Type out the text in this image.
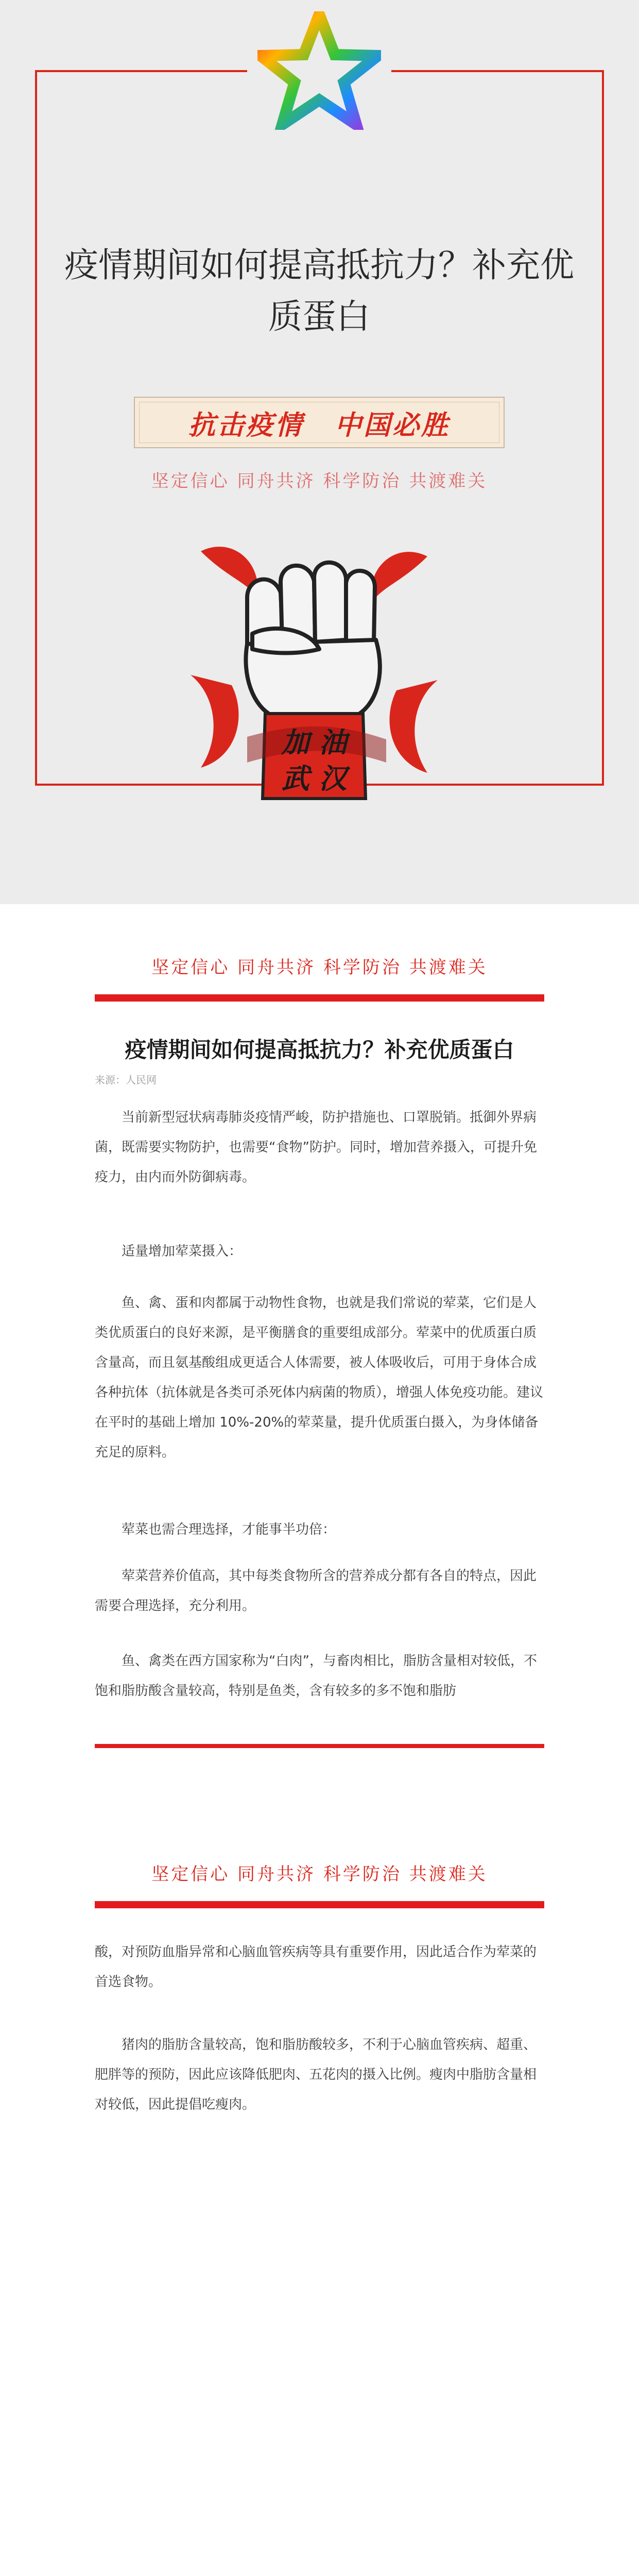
疫情期间如何提高抵抗力？补充优质蛋白
抗击疫情 中国必胜
坚定信心 同舟共济 科学防治 共渡难关
加 油
武 汉
坚定信心 同舟共济 科学防治 共渡难关
疫情期间如何提高抵抗力？补充优质蛋白
来源：人民网

当前新型冠状病毒肺炎疫情严峻，防护措施也、口罩脱销。抵御外界病菌，既需要实物防护，也需要“食物”防护。同时，增加营养摄入，可提升免疫力，由内而外防御病毒。

适量增加荤菜摄入：

鱼、禽、蛋和肉都属于动物性食物，也就是我们常说的荤菜，它们是人类优质蛋白的良好来源，是平衡膳食的重要组成部分。荤菜中的优质蛋白质含量高，而且氨基酸组成更适合人体需要，被人体吸收后，可用于身体合成各种抗体（抗体就是各类可杀死体内病菌的物质），增强人体免疫功能。建议在平时的基础上增加 10%-20%的荤菜量，提升优质蛋白摄入，为身体储备充足的原料。

荤菜也需合理选择，才能事半功倍：

荤菜营养价值高，其中每类食物所含的营养成分都有各自的特点，因此需要合理选择，充分利用。

鱼、禽类在西方国家称为“白肉”，与畜肉相比，脂肪含量相对较低，不饱和脂肪酸含量较高，特别是鱼类，含有较多的多不饱和脂肪

坚定信心 同舟共济 科学防治 共渡难关

酸，对预防血脂异常和心脑血管疾病等具有重要作用，因此适合作为荤菜的首选食物。

猪肉的脂肪含量较高，饱和脂肪酸较多，不利于心脑血管疾病、超重、肥胖等的预防，因此应该降低肥肉、五花肉的摄入比例。瘦肉中脂肪含量相对较低，因此提倡吃瘦肉。
